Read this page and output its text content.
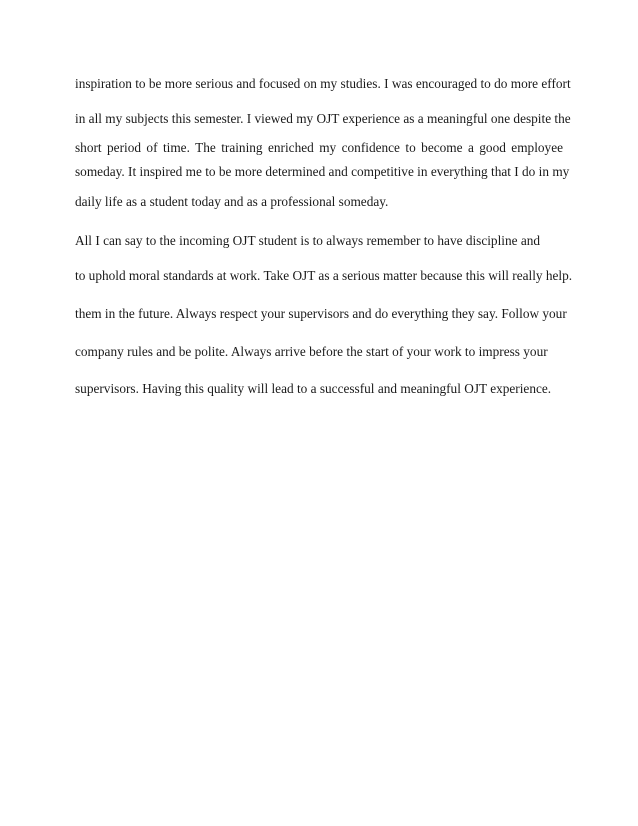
inspiration to be more serious and focused on my studies. I was encouraged to do more effort
in all my subjects this semester. I viewed my OJT experience as a meaningful one despite the
short period of time. The training enriched my confidence to become a good employee
someday. It inspired me to be more determined and competitive in everything that I do in my
daily life as a student today and as a professional someday.
All I can say to the incoming OJT student is to always remember to have discipline and
to uphold moral standards at work. Take OJT as a serious matter because this will really help.
them in the future. Always respect your supervisors and do everything they say. Follow your
company rules and be polite. Always arrive before the start of your work to impress your
supervisors. Having this quality will lead to a successful and meaningful OJT experience.
